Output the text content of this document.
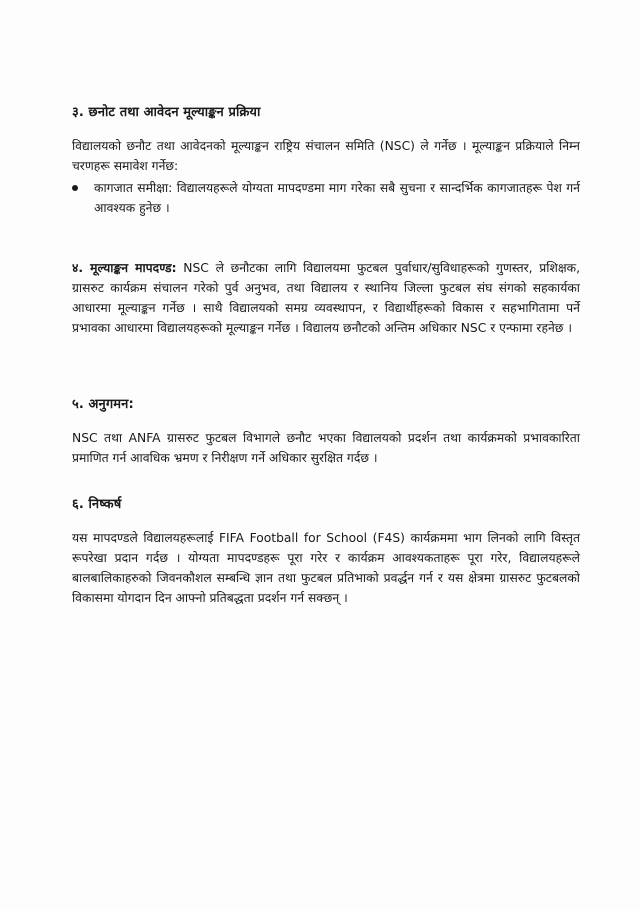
३. छनोट तथा आवेदन मूल्याङ्कन प्रक्रिया

विद्यालयको छनौट तथा आवेदनको मूल्याङ्कन राष्ट्रिय संचालन समिति (NSC) ले गर्नेछ । मूल्याङ्कन प्रक्रियाले निम्न चरणहरू समावेश गर्नेछ:

कागजात समीक्षा: विद्यालयहरूले योग्यता मापदण्डमा माग गरेका सबै सुचना र सान्दर्भिक कागजातहरू पेश गर्न आवश्यक हुनेछ ।

४. मूल्याङ्कन मापदण्ड: NSC ले छनौटका लागि विद्यालयमा फुटबल पुर्वाधार/सुविधाहरूको गुणस्तर, प्रशिक्षक, ग्रासरुट कार्यक्रम संचालन गरेको पुर्व अनुभव, तथा विद्यालय र स्थानिय जिल्ला फुटबल संघ संगको सहकार्यका आधारमा मूल्याङ्कन गर्नेछ । साथै विद्यालयको समग्र व्यवस्थापन, र विद्यार्थीहरूको विकास र सहभागितामा पर्ने प्रभावका आधारमा विद्यालयहरूको मूल्याङ्कन गर्नेछ । विद्यालय छनौटको अन्तिम अधिकार NSC र एन्फामा रहनेछ ।

५. अनुगमन:

NSC तथा ANFA ग्रासरुट फुटबल विभागले छनौट भएका विद्यालयको प्रदर्शन तथा कार्यक्रमको प्रभावकारिता प्रमाणित गर्न आवधिक भ्रमण र निरीक्षण गर्ने अधिकार सुरक्षित गर्दछ ।

६. निष्कर्ष

यस मापदण्डले विद्यालयहरूलाई FIFA Football for School (F4S) कार्यक्रममा भाग लिनको लागि विस्तृत रूपरेखा प्रदान गर्दछ । योग्यता मापदण्डहरू पूरा गरेर र कार्यक्रम आवश्यकताहरू पूरा गरेर, विद्यालयहरूले बालबालिकाहरुको जिवनकौशल सम्बन्धि ज्ञान तथा फुटबल प्रतिभाको प्रवर्द्धन गर्न र यस क्षेत्रमा ग्रासरुट फुटबलको विकासमा योगदान दिन आफ्नो प्रतिबद्धता प्रदर्शन गर्न सक्छन् ।
